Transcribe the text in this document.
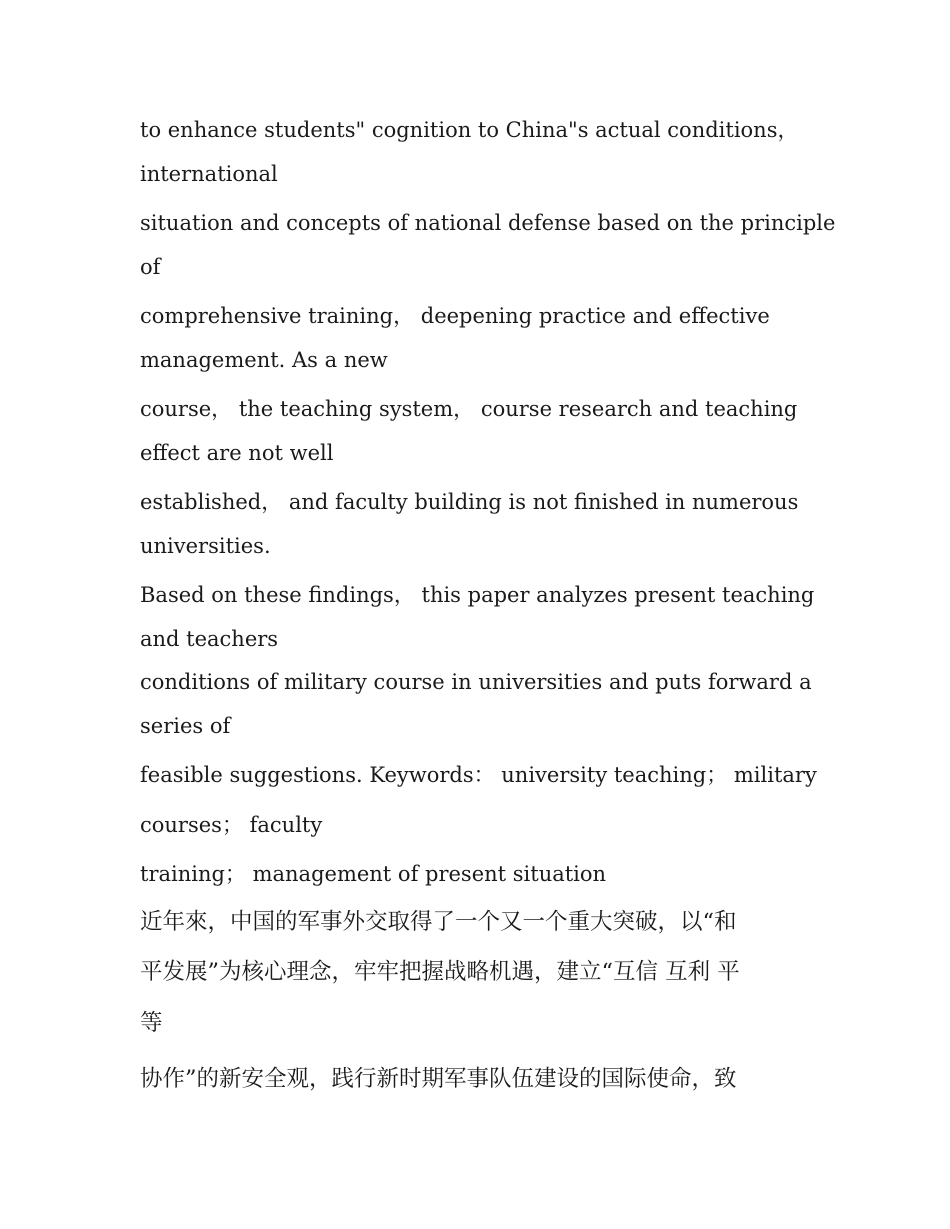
to enhance students" cognition to China"s actual conditions，

international

situation and concepts of national defense based on the principle

of

comprehensive training， deepening practice and effective

management. As a new

course， the teaching system， course research and teaching

effect are not well

established， and faculty building is not finished in numerous

universities.

Based on these findings， this paper analyzes present teaching

and teachers

conditions of military course in universities and puts forward a

series of

feasible suggestions. Keywords： university teaching； military

courses； faculty

training； management of present situation

近年來，中国的军事外交取得了一个又一个重大突破，以“和

平发展”为核心理念，牢牢把握战略机遇，建立“互信 互利 平

等

协作”的新安全观，践行新时期军事队伍建设的国际使命，致
